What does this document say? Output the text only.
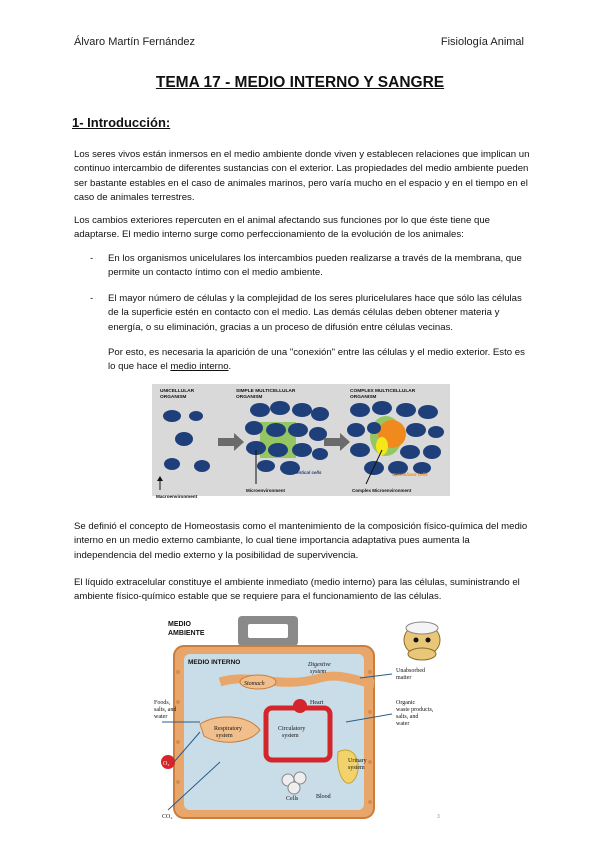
Álvaro Martín Fernández	Fisiología Animal
TEMA 17 - MEDIO INTERNO Y SANGRE
1- Introducción:
Los seres vivos están inmersos en el medio ambiente donde viven y establecen relaciones que implican un continuo intercambio de diferentes sustancias con el exterior. Las propiedades del medio ambiente pueden ser bastante estables en el caso de animales marinos, pero varía mucho en el espacio y en el tiempo en el caso de animales terrestres.
Los cambios exteriores repercuten en el animal afectando sus funciones por lo que éste tiene que adaptarse. El medio interno surge como perfeccionamiento de la evolución de los animales:
- En los organismos unicelulares los intercambios pueden realizarse a través de la membrana, que permite un contacto íntimo con el medio ambiente.
- El mayor número de células y la complejidad de los seres pluricelulares hace que sólo las células de la superficie estén en contacto con el medio. Las demás células deben obtener materia y energía, o su eliminación, gracias a un proceso de difusión entre células vecinas.
Por esto, es necesaria la aparición de una "conexión" entre las células y el medio exterior. Esto es lo que hace el medio interno.
UNICELLULAR
ORGANISM
SIMPLE MULTICELLULAR
ORGANISM
COMPLEX MULTICELLULAR
ORGANISM
Identical cells
Microenvironment
Specialized cells
Complex Microenvironment
Macroenvironment
Se definió el concepto de Homeostasis como el mantenimiento de la composición físico-química del medio interno en un medio externo cambiante, lo cual tiene importancia adaptativa pues aumenta la independencia del medio externo y la posibilidad de supervivencia.
El líquido extracelular constituye el ambiente inmediato (medio interno) para las células, suministrando el ambiente físico-químico estable que se requiere para el funcionamiento de las células.
MEDIO
AMBIENTE
MEDIO INTERNO
O₂
Digestive
system
Stomach
Heart
Unabsorbed
matter
Foods,
salts, and
water
Respiratory
system
Circulatory
system
Organic
waste products,
salts, and
water
Urinary
system
Cells	Blood
CO₂	3
